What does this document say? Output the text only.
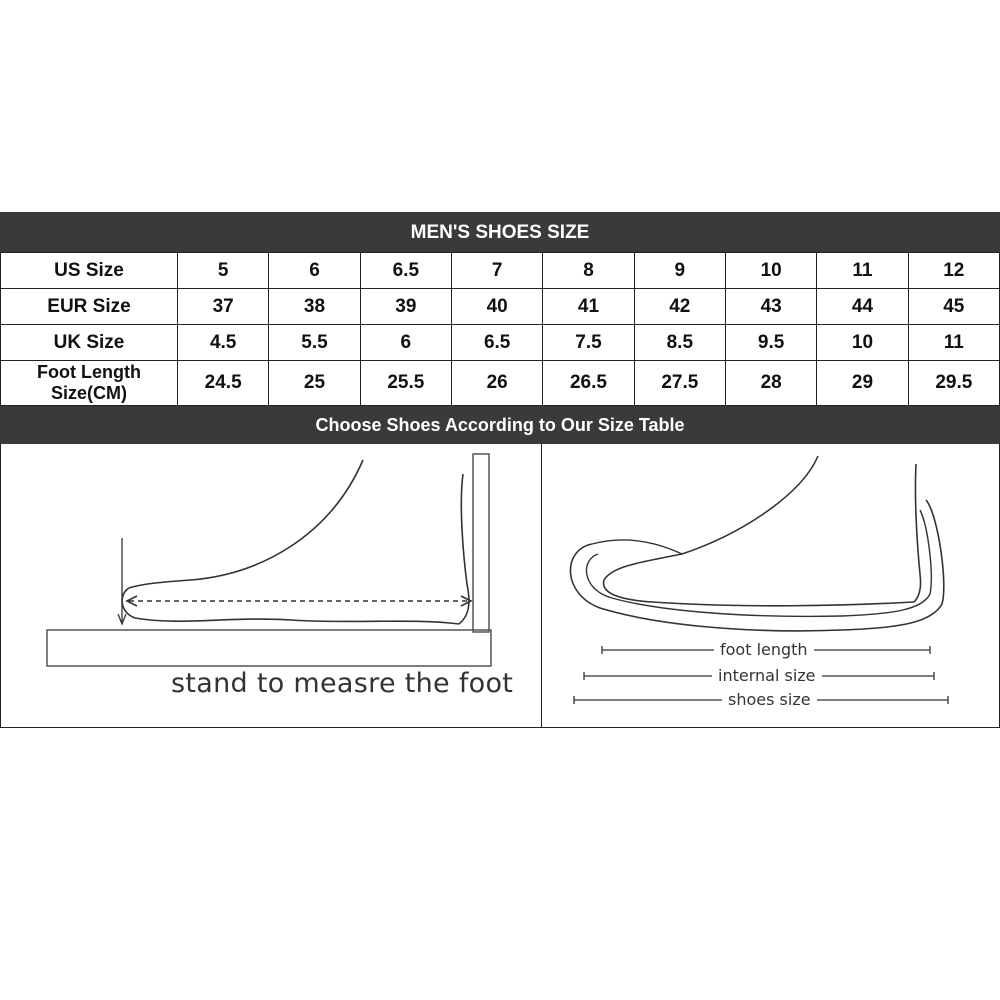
MEN'S SHOES SIZE
US Size	5	6	6.5	7	8	9	10	11	12
EUR Size	37	38	39	40	41	42	43	44	45
UK Size	4.5	5.5	6	6.5	7.5	8.5	9.5	10	11

Foot Length
Size(CM)	24.5	25	25.5	26	26.5	27.5	28	29	29.5
Choose Shoes According to Our Size Table
stand to measre the foot
foot length
internal size
shoes size
